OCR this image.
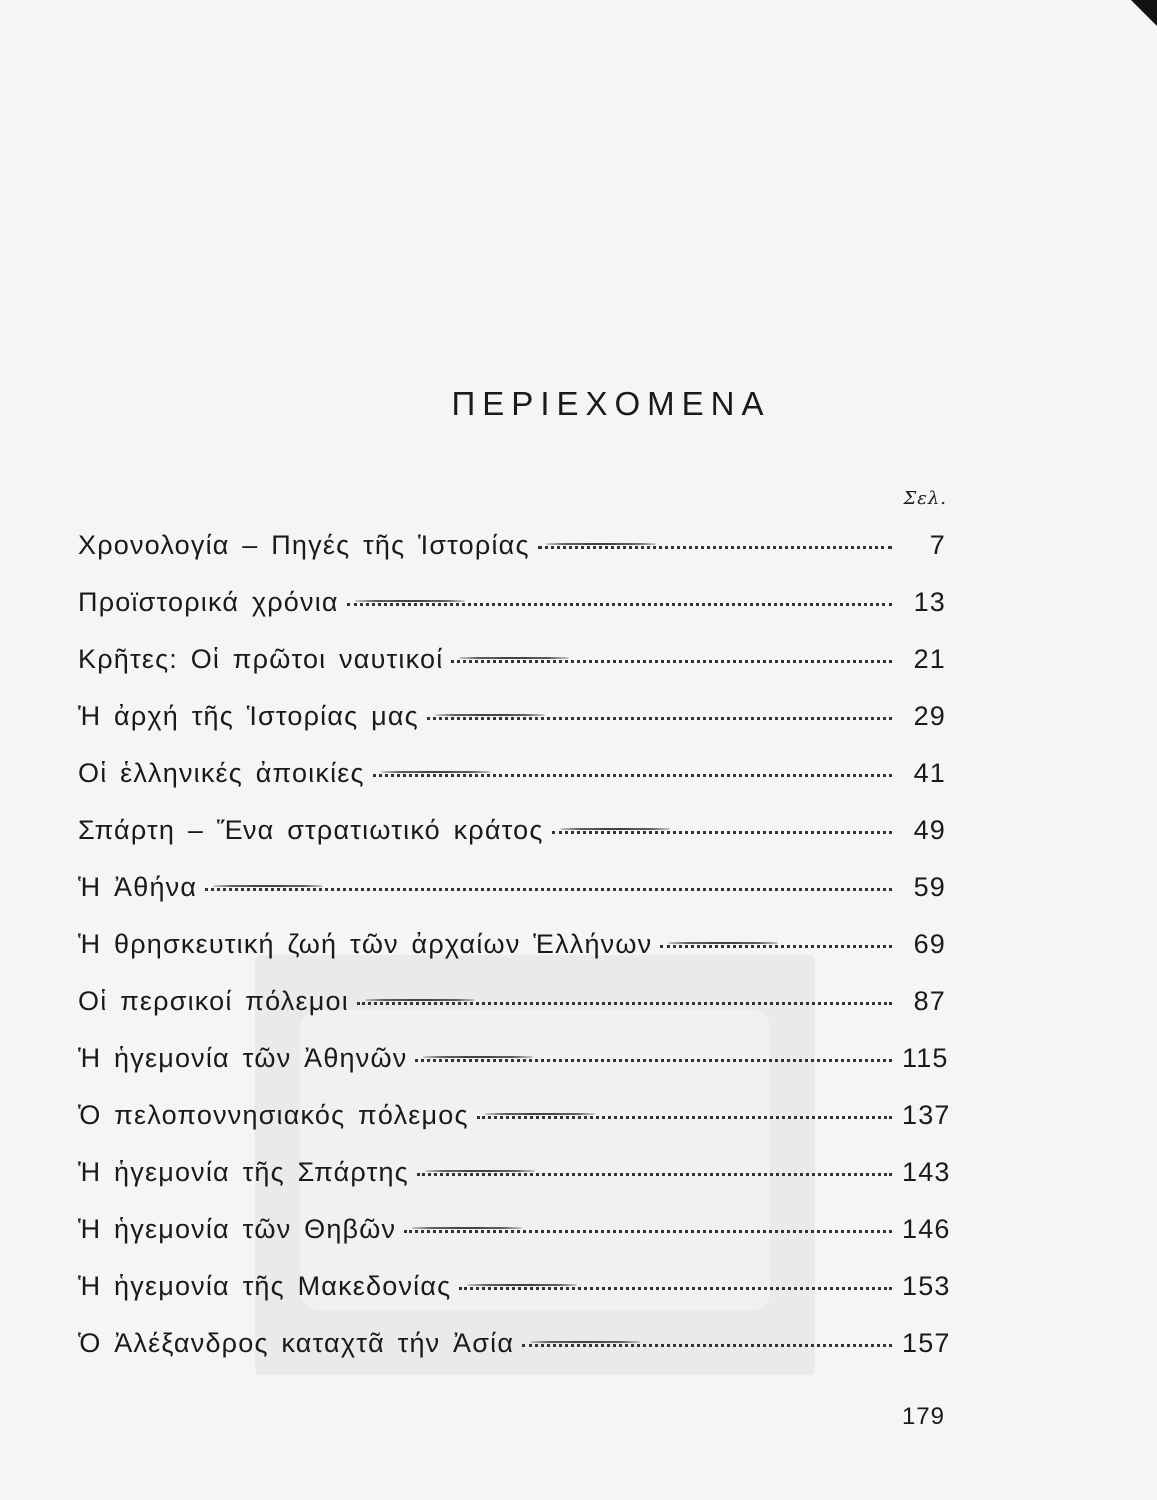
ΠΕΡΙΕΧΟΜΕΝΑ
Σελ.
Χρονολογία – Πηγές τῆς Ἱστορίας	7
Προϊστορικά χρόνια	13
Κρῆτες: Οἱ πρῶτοι ναυτικοί	21
Ἡ ἀρχή τῆς Ἱστορίας μας	29
Οἱ ἑλληνικές ἀποικίες	41
Σπάρτη – Ἕνα στρατιωτικό κράτος	49
Ἡ Ἀθήνα	59
Ἡ θρησκευτική ζωή τῶν ἀρχαίων Ἑλλήνων	69
Οἱ περσικοί πόλεμοι	87
Ἡ ἡγεμονία τῶν Ἀθηνῶν	115
Ὁ πελοποννησιακός πόλεμος	137
Ἡ ἡγεμονία τῆς Σπάρτης	143
Ἡ ἡγεμονία τῶν Θηβῶν	146
Ἡ ἡγεμονία τῆς Μακεδονίας	153
Ὁ Ἀλέξανδρος καταχτᾶ τήν Ἀσία	157
179
